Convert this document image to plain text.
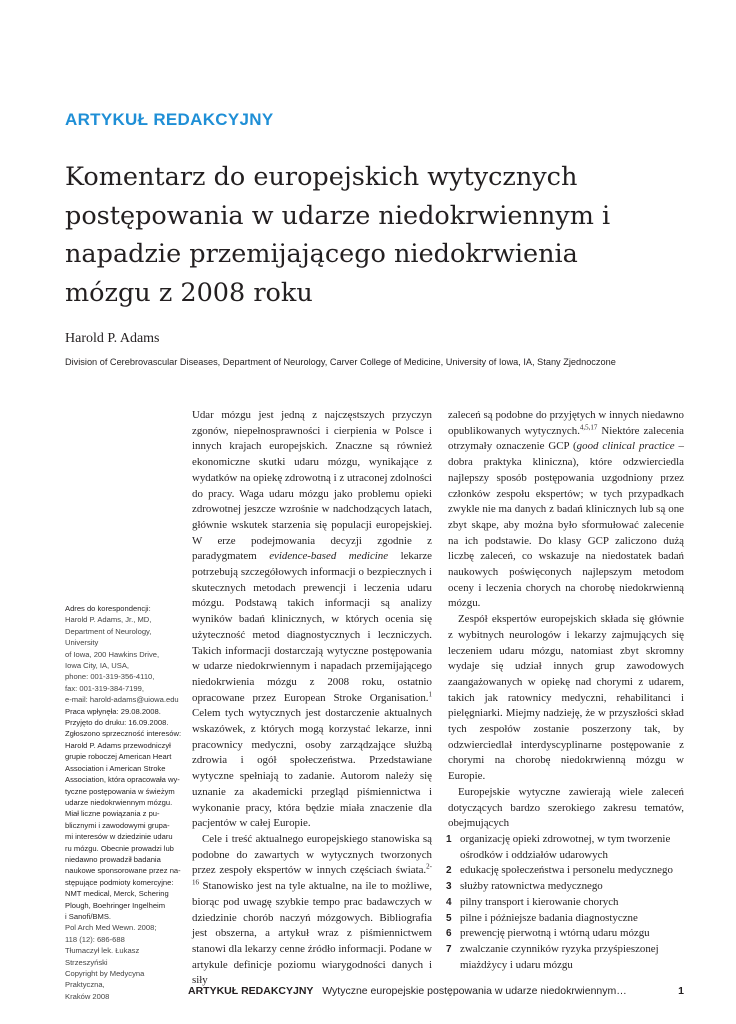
ARTYKUŁ REDAKCYJNY
Komentarz do europejskich wytycznych postępowania w udarze niedokrwiennym i napadzie przemijającego niedokrwienia mózgu z 2008 roku
Harold P. Adams
Division of Cerebrovascular Diseases, Department of Neurology, Carver College of Medicine, University of Iowa, IA, Stany Zjednoczone
Adres do korespondencji:
Harold P. Adams, Jr., MD,
Department of Neurology, University
of Iowa, 200 Hawkins Drive,
Iowa City, IA, USA,
phone: 001-319-356-4110,
fax: 001-319-384-7199,
e-mail: harold-adams@uiowa.edu
Praca wpłynęła: 29.08.2008.
Przyjęto do druku: 16.09.2008.
Zgłoszono sprzeczność interesów:
Harold P. Adams przewodniczył
grupie roboczej American Heart
Association i American Stroke
Association, która opracowała wy-
tyczne postępowania w świeżym
udarze niedokrwiennym mózgu.
Miał liczne powiązania z pu-
blicznymi i zawodowymi grupa-
mi interesów w dziedzinie udaru
ru mózgu. Obecnie prowadzi lub
niedawno prowadził badania
naukowe sponsorowane przez na-
stępujące podmioty komercyjne:
NMT medical, Merck, Schering
Plough, Boehringer Ingelheim
i Sanofi/BMS.
Pol Arch Med Wewn. 2008;
118 (12): 686-688
Tłumaczył lek. Łukasz Strzeszyński
Copyright by Medycyna Praktyczna,
Kraków 2008

Udar mózgu jest jedną z najczęstszych przyczyn zgonów, niepełnosprawności i cierpienia w Polsce i innych krajach europejskich. Znaczne są również ekonomiczne skutki udaru mózgu, wynikające z wydatków na opiekę zdrowotną i z utraconej zdolności do pracy. Waga udaru mózgu jako problemu opieki zdrowotnej jeszcze wzrośnie w nadchodzących latach, głównie wskutek starzenia się populacji europejskiej. W erze podejmowania decyzji zgodnie z paradygmatem evidence-based medicine lekarze potrzebują szczegółowych informacji o bezpiecznych i skutecznych metodach prewencji i leczenia udaru mózgu. Podstawą takich informacji są analizy wyników badań klinicznych, w których ocenia się użyteczność metod diagnostycznych i leczniczych. Takich informacji dostarczają wytyczne postępowania w udarze niedokrwiennym i napadach przemijającego niedokrwienia mózgu z 2008 roku, ostatnio opracowane przez European Stroke Organisation.$^1$ Celem tych wytycznych jest dostarczenie aktualnych wskazówek, z których mogą korzystać lekarze, inni pracownicy medyczni, osoby zarządzające służbą zdrowia i ogół społeczeństwa. Przedstawiane wytyczne spełniają to zadanie. Autorom należy się uznanie za akademicki przegląd piśmiennictwa i wykonanie pracy, która będzie miała znaczenie dla pacjentów w całej Europie.

Cele i treść aktualnego europejskiego stanowiska są podobne do zawartych w wytycznych tworzonych przez zespoły ekspertów w innych częściach świata.$^{2-16}$ Stanowisko jest na tyle aktualne, na ile to możliwe, biorąc pod uwagę szybkie tempo prac badawczych w dziedzinie chorób naczyń mózgowych. Bibliografia jest obszerna, a artykuł wraz z piśmiennictwem stanowi dla lekarzy cenne źródło informacji. Podane w artykule definicje poziomu wiarygodności danych i siły

zaleceń są podobne do przyjętych w innych niedawno opublikowanych wytycznych.$^{4,5,17}$ Niektóre zalecenia otrzymały oznaczenie GCP (good clinical practice – dobra praktyka kliniczna), które odzwierciedla najlepszy sposób postępowania uzgodniony przez członków zespołu ekspertów; w tych przypadkach zwykle nie ma danych z badań klinicznych lub są one zbyt skąpe, aby można było sformułować zalecenie na ich podstawie. Do klasy GCP zaliczono dużą liczbę zaleceń, co wskazuje na niedostatek badań naukowych poświęconych najlepszym metodom oceny i leczenia chorych na chorobę niedokrwienną mózgu.

Zespół ekspertów europejskich składa się głównie z wybitnych neurologów i lekarzy zajmujących się leczeniem udaru mózgu, natomiast zbyt skromny wydaje się udział innych grup zawodowych zaangażowanych w opiekę nad chorymi z udarem, takich jak ratownicy medyczni, rehabilitanci i pielęgniarki. Miejmy nadzieję, że w przyszłości skład tych zespołów zostanie poszerzony tak, by odzwierciedlał interdyscyplinarne postępowanie z chorymi na chorobę niedokrwienną mózgu w Europie.

Europejskie wytyczne zawierają wiele zaleceń dotyczących bardzo szerokiego zakresu tematów, obejmujących

1 organizację opieki zdrowotnej, w tym tworzenie ośrodków i oddziałów udarowych
2 edukację społeczeństwa i personelu medycznego
3 służby ratownictwa medycznego
4 pilny transport i kierowanie chorych
5 pilne i późniejsze badania diagnostyczne
6 prewencję pierwotną i wtórną udaru mózgu
7 zwalczanie czynników ryzyka przyśpieszonej miażdżycy i udaru mózgu
ARTYKUŁ REDAKCYJNY Wytyczne europejskie postępowania w udarze niedokrwiennym…	1
